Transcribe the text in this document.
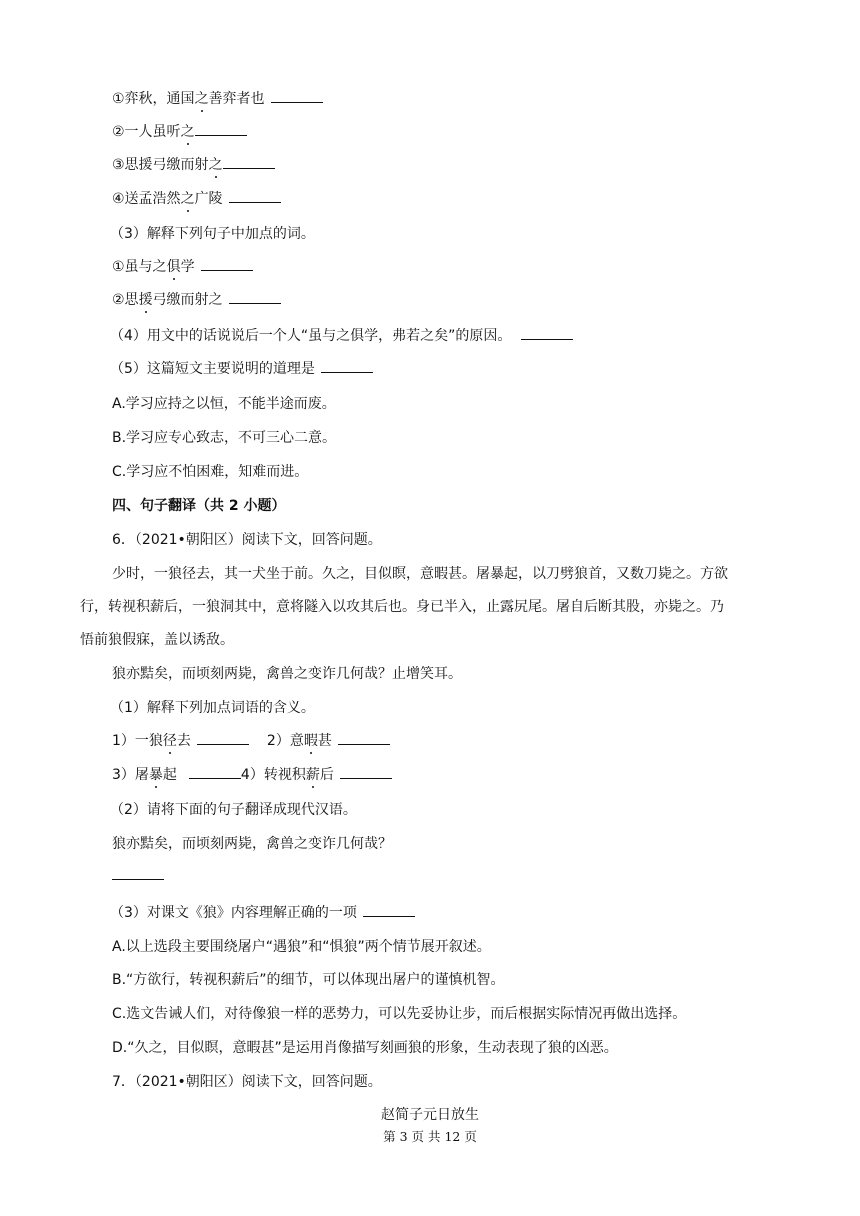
①弈秋，通国之善弈者也
②一人虽听之
③思援弓缴而射之
④送孟浩然之广陵
（3）解释下列句子中加点的词。
①虽与之俱学
②思援弓缴而射之
（4）用文中的话说说后一个人“虽与之俱学，弗若之矣”的原因。
（5）这篇短文主要说明的道理是
A.学习应持之以恒，不能半途而废。
B.学习应专心致志，不可三心二意。
C.学习应不怕困难，知难而进。
四、句子翻译（共 2 小题）
6．（2021•朝阳区）阅读下文，回答问题。
少时，一狼径去，其一犬坐于前。久之，目似瞑，意暇甚。屠暴起，以刀劈狼首，又数刀毙之。方欲
行，转视积薪后，一狼洞其中，意将隧入以攻其后也。身已半入，止露尻尾。屠自后断其股，亦毙之。乃
悟前狼假寐，盖以诱敌。
狼亦黠矣，而顷刻两毙，禽兽之变诈几何哉？止增笑耳。
（1）解释下列加点词语的含义。
1）一狼径去	2）意暇甚
3）屠暴起	4）转视积薪后
（2）请将下面的句子翻译成现代汉语。
狼亦黠矣，而顷刻两毙，禽兽之变诈几何哉？
（3）对课文《狼》内容理解正确的一项
A.以上选段主要围绕屠户“遇狼”和“惧狼”两个情节展开叙述。
B.“方欲行，转视积薪后”的细节，可以体现出屠户的谨慎机智。
C.选文告诫人们，对待像狼一样的恶势力，可以先妥协让步，而后根据实际情况再做出选择。
D.“久之，目似瞑，意暇甚”是运用肖像描写刻画狼的形象，生动表现了狼的凶恶。
7．（2021•朝阳区）阅读下文，回答问题。
赵简子元日放生
第 3 页 共 12 页
